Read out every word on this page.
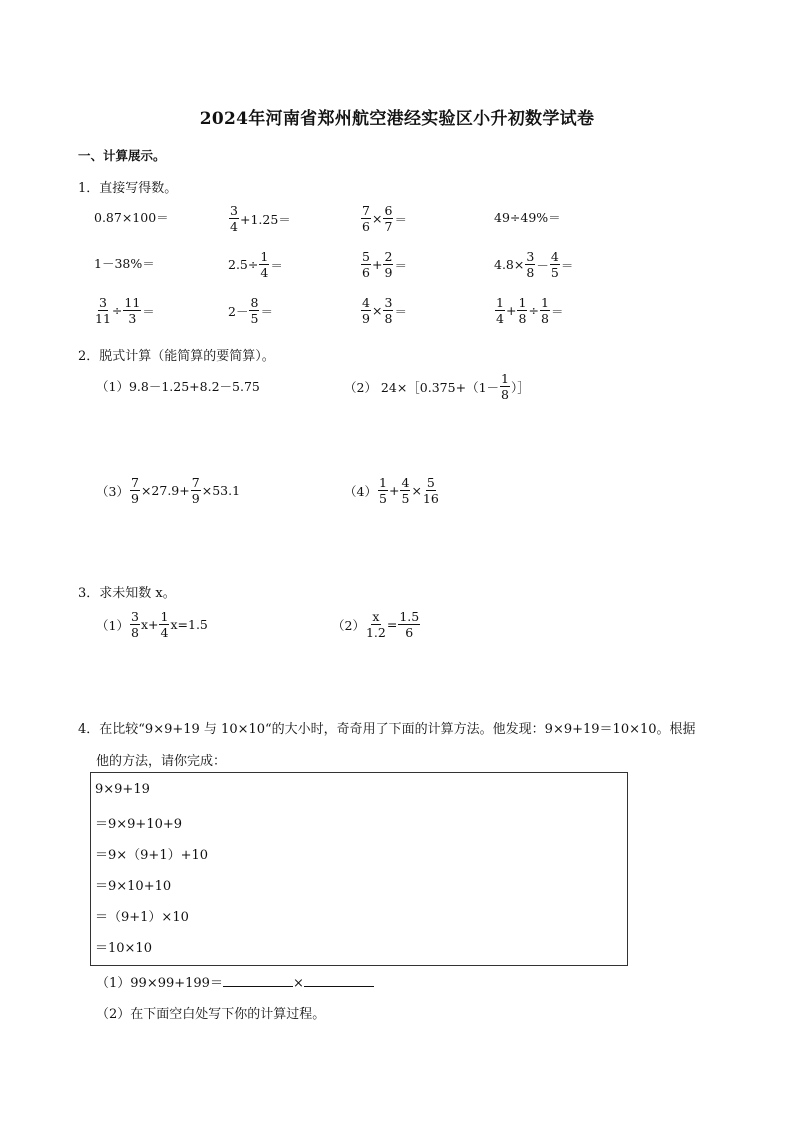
2024年河南省郑州航空港经实验区小升初数学试卷
一、计算展示。
1．直接写得数。
0.87×100＝	$\frac{3}{4} +1.25=$	$\frac{7}{6} \times \frac{6}{7}$ ＝	49÷49%＝
1－38%＝	$2.5\div \frac{1}{4}$ ＝	$\frac{5}{6} + \frac{2}{9}$ ＝	$4.8\times \frac{3}{8} - \frac{4}{5}$ ＝
$\frac{3}{11} \div \frac{11}{3}$ ＝	$2- \frac{8}{5}$ ＝	$\frac{4}{9} \times \frac{3}{8}$ ＝	$\frac{1}{4} + \frac{1}{8} \div \frac{1}{8}$ ＝
2．脱式计算（能简算的要简算）。
（1）9.8－1.25+8.2－5.75	（2） 24×［0.375+（1－ $\frac{1}{8}$ ）］
$(3) \frac{7}{9} \times 27.9+ \frac{7}{9} \times 53.1$	$(4) \frac{1}{5} + \frac{4}{5} \times \frac{5}{16}$
3．求未知数 x。
$(1) \frac{3}{8} x+ \frac{1}{4} x=1.5$	$(2) \frac{x}{1.2} = \frac{1.5}{6}$
4．在比较“9×9+19 与 10×10“的大小时，奇奇用了下面的计算方法。他发现：9×9+19＝10×10。根据
他的方法，请你完成：
9×9+19
＝9×9+10+9
＝9×（9+1）+10
＝9×10+10
＝（9+1）×10
＝10×10
（1）99×99+199＝	×
（2）在下面空白处写下你的计算过程。
